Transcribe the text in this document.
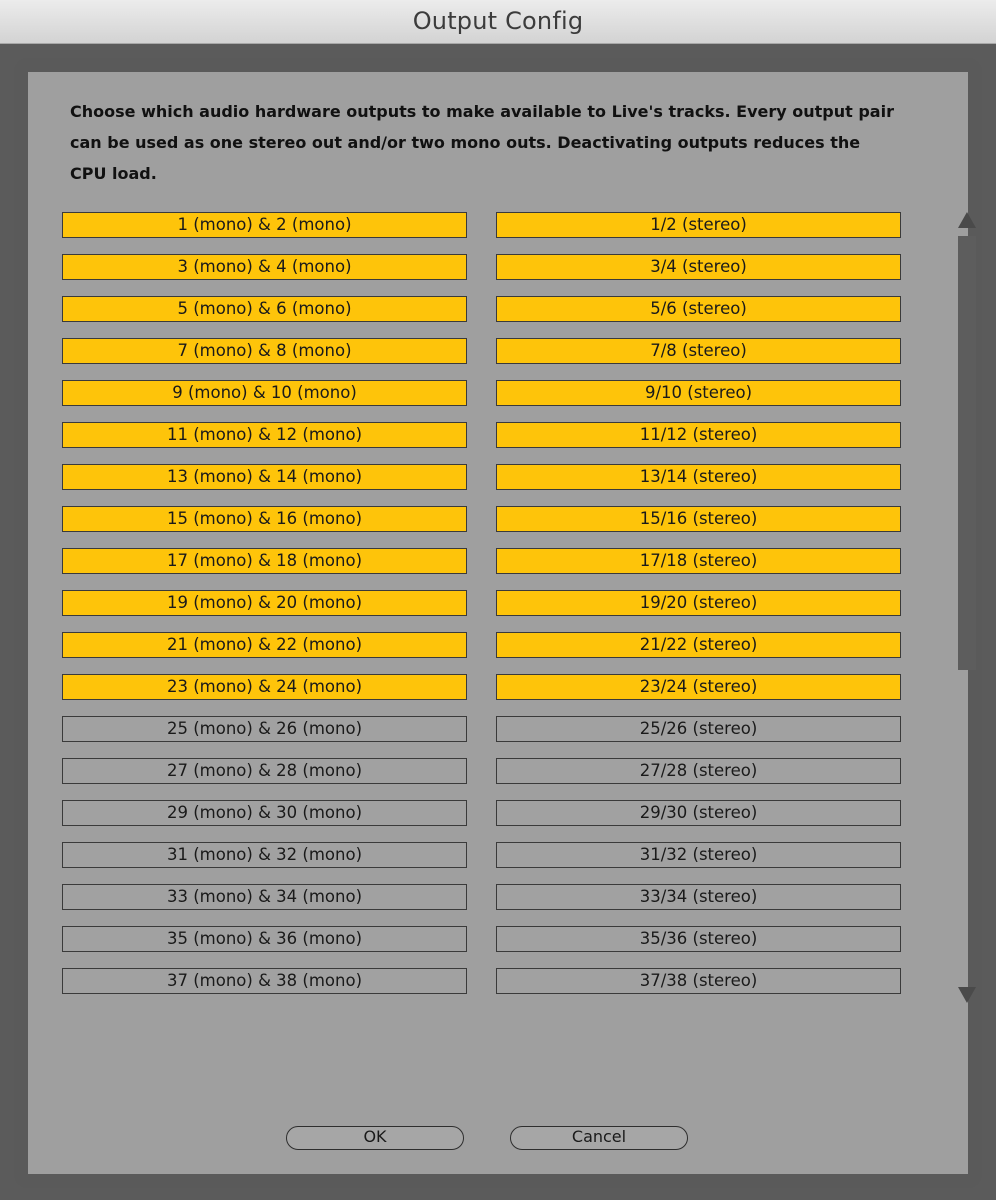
Output Config

Choose which audio hardware outputs to make available to Live's tracks. Every output pair
can be used as one stereo out and/or two mono outs. Deactivating outputs reduces the
CPU load.

OK	Cancel
1 (mono) & 2 (mono)	1/2 (stereo)
3 (mono) & 4 (mono)	3/4 (stereo)
5 (mono) & 6 (mono)	5/6 (stereo)
7 (mono) & 8 (mono)	7/8 (stereo)
9 (mono) & 10 (mono)	9/10 (stereo)
11 (mono) & 12 (mono)	11/12 (stereo)
13 (mono) & 14 (mono)	13/14 (stereo)
15 (mono) & 16 (mono)	15/16 (stereo)
17 (mono) & 18 (mono)	17/18 (stereo)
19 (mono) & 20 (mono)	19/20 (stereo)
21 (mono) & 22 (mono)	21/22 (stereo)
23 (mono) & 24 (mono)	23/24 (stereo)
25 (mono) & 26 (mono)	25/26 (stereo)
27 (mono) & 28 (mono)	27/28 (stereo)
29 (mono) & 30 (mono)	29/30 (stereo)
31 (mono) & 32 (mono)	31/32 (stereo)
33 (mono) & 34 (mono)	33/34 (stereo)
35 (mono) & 36 (mono)	35/36 (stereo)
37 (mono) & 38 (mono)	37/38 (stereo)
